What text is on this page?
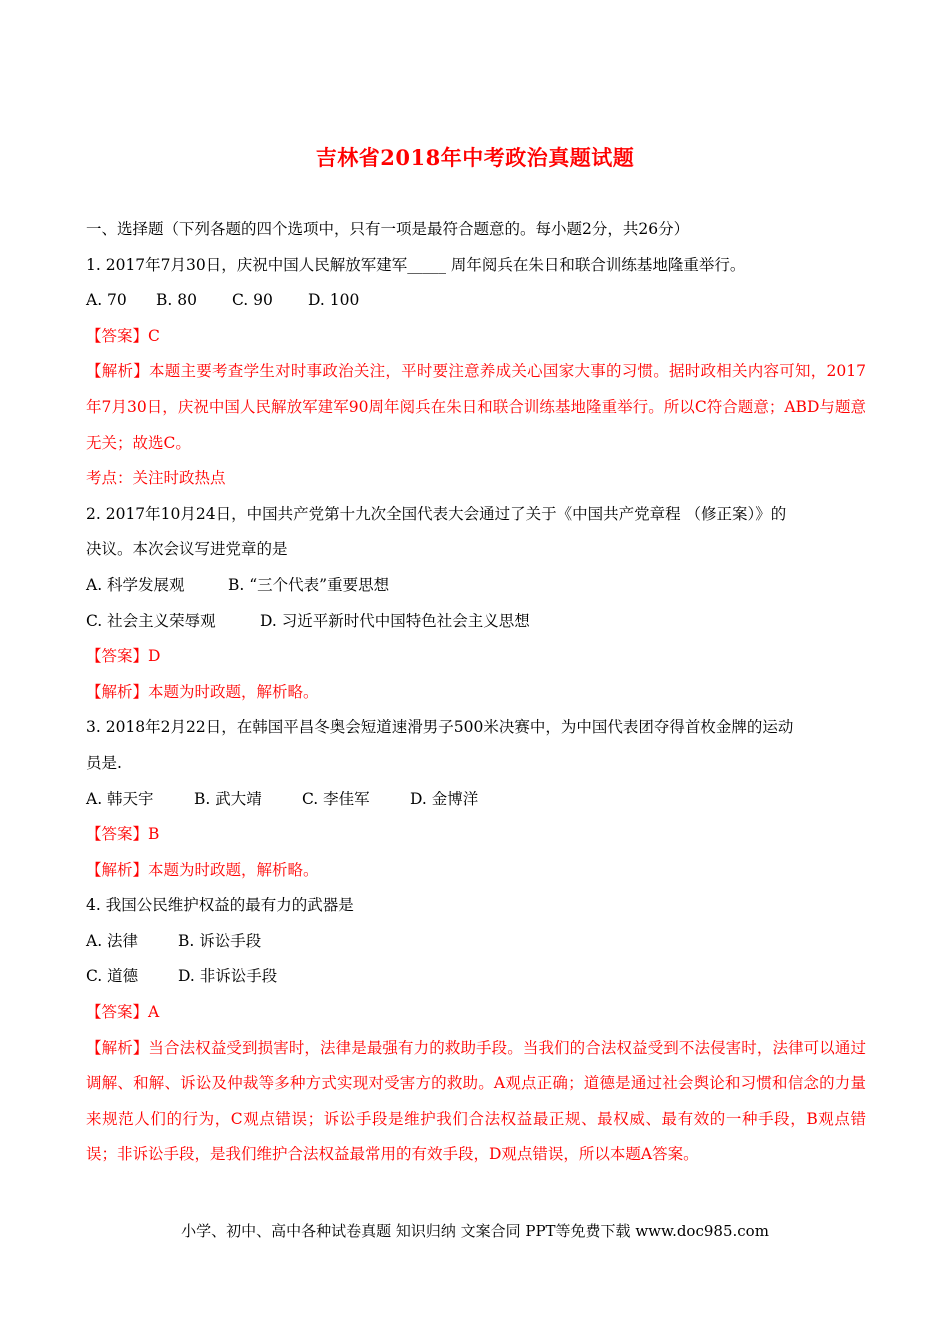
吉林省2018年中考政治真题试题
一、选择题（下列各题的四个选项中，只有一项是最符合题意的。每小题2分，共26分）
1. 2017年7月30日，庆祝中国人民解放军建军_____ 周年阅兵在朱日和联合训练基地隆重举行。
A. 70 B. 80 C. 90 D. 100
【答案】C
【解析】本题主要考查学生对时事政治关注，平时要注意养成关心国家大事的习惯。据时政相关内容可知，2017年7月30日，庆祝中国人民解放军建军90周年阅兵在朱日和联合训练基地隆重举行。所以C符合题意；ABD与题意无关；故选C。
考点：关注时政热点
2. 2017年10月24日，中国共产党第十九次全国代表大会通过了关于《中国共产党章程 （修正案）》的
决议。本次会议写进党章的是
A. 科学发展观	B. “三个代表”重要思想
C. 社会主义荣辱观	D. 习近平新时代中国特色社会主义思想
【答案】D
【解析】本题为时政题，解析略。
3. 2018年2月22日，在韩国平昌冬奥会短道速滑男子500米决赛中，为中国代表团夺得首枚金牌的运动
员是.
A. 韩天宇	B. 武大靖	C. 李佳军	D. 金博洋
【答案】B
【解析】本题为时政题，解析略。
4. 我国公民维护权益的最有力的武器是
A. 法律	B. 诉讼手段
C. 道德	D. 非诉讼手段
【答案】A
【解析】当合法权益受到损害时，法律是最强有力的救助手段。当我们的合法权益受到不法侵害时，法律可以通过调解、和解、诉讼及仲裁等多种方式实现对受害方的救助。A观点正确；道德是通过社会舆论和习惯和信念的力量来规范人们的行为，C观点错误；诉讼手段是维护我们合法权益最正规、最权威、最有效的一种手段，B观点错误；非诉讼手段，是我们维护合法权益最常用的有效手段，D观点错误，所以本题A答案。
小学、初中、高中各种试卷真题 知识归纳 文案合同 PPT等免费下载 www.doc985.com
